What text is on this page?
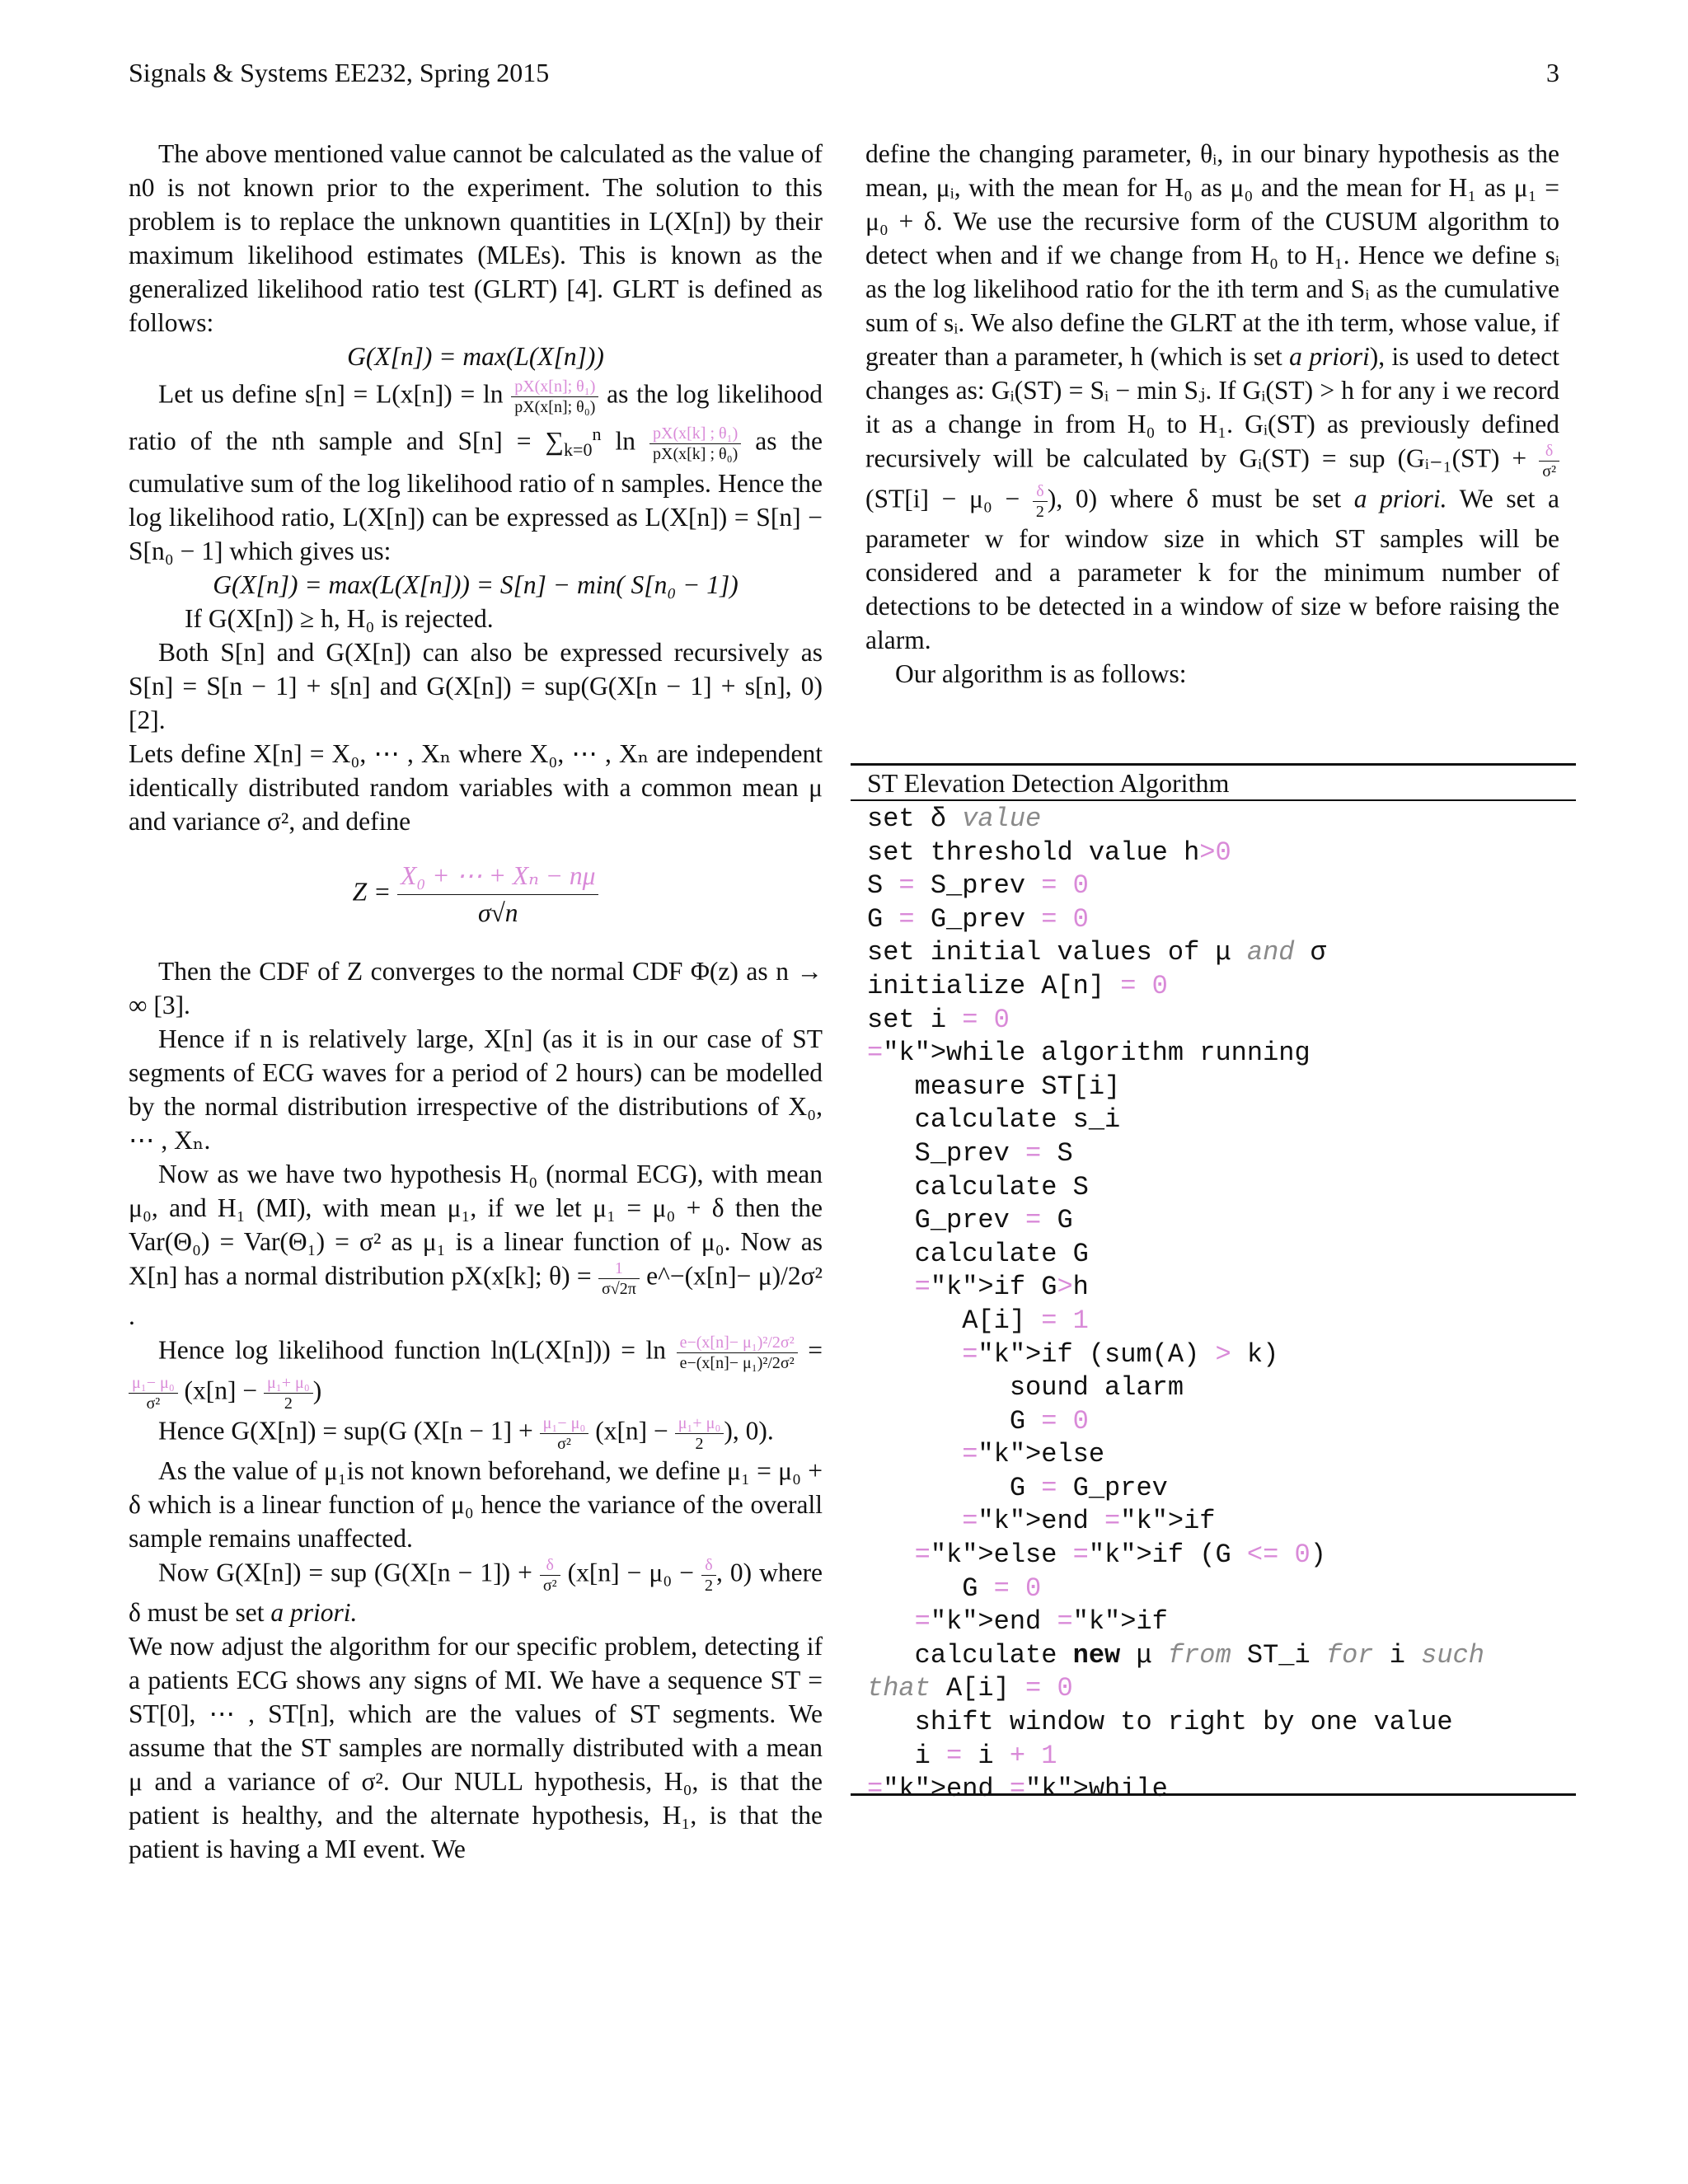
Signals & Systems EE232, Spring 2015	3

The above mentioned value cannot be calculated as the value of n0 is not known prior to the experiment. The solution to this problem is to replace the unknown quantities in L(X[n]) by their maximum likelihood estimates (MLEs). This is known as the generalized likelihood ratio test (GLRT) [4]. GLRT is defined as follows:

G(X[n]) = max(L(X[n]))

Let us define $s[n] = L(x[n]) = \ln \frac{\text{pX(x[n]; θ₁)}}{\text{pX(x[n]; θ₀)}}$ as the log likelihood ratio of the nth sample and $S[n] = \sum_{k=0}^n$ $\ln \frac{\text{pX(x[k] ; θ₁)}}{\text{pX(x[k] ; θ₀)}}$ as the cumulative sum of the log likelihood ratio of n samples. Hence the log likelihood ratio, L(X[n]) can be expressed as L(X[n]) = S[n] − S[n₀ − 1] which gives us:

G(X[n]) = max(L(X[n])) = S[n] − min( S[n₀ − 1])

If G(X[n]) ≥ h, H₀ is rejected.

Both S[n] and G(X[n]) can also be expressed recursively as S[n] = S[n − 1] + s[n] and G(X[n]) = sup(G(X[n − 1] + s[n], 0) [2].

Lets define X[n] = X₀, ⋯ , Xₙ where X₀, ⋯ , Xₙ are independent identically distributed random variables with a common mean μ and variance σ², and define

$Z = \frac{\text{X₀ + ⋯ + Xₙ − nμ}}{\sigma√n}$

Then the CDF of Z converges to the normal CDF Φ(z) as n → ∞ [3].

Hence if n is relatively large, X[n] (as it is in our case of ST segments of ECG waves for a period of 2 hours) can be modelled by the normal distribution irrespective of the distributions of X₀, ⋯ , Xₙ.

Now as we have two hypothesis H₀ (normal ECG), with mean μ₀, and H₁ (MI), with mean μ₁, if we let μ₁ = μ₀ + δ then the Var(Θ₀) = Var(Θ₁) = σ² as μ₁ is a linear function of μ₀. Now as X[n] has a normal distribution pX(x[k]; $\theta) = \frac{1}{\sigma√2\pi}$ e^−(x[n]− μ)/2σ² .

Hence log likelihood function $\ln(L(X[n])) = \ln \frac{\text{e−(x[n]− μ₁)²/2σ²}}{\text{e−(x[n]− μ₁)²/2σ²}}$ =
$\frac{\text{μ₁− μ₀}}{\text{σ²}} (x[n] - \frac{\text{μ₁+ μ₀}}{2}$ )

Hence G(X[n]) = sup(G ($X[n - 1] + \frac{\text{μ₁− μ₀}}{\text{σ²}} (x[n] - \frac{\text{μ₁+ μ₀}}{2}$ ), 0).

As the value of μ₁is not known beforehand, we define μ₁ = μ₀ + δ which is a linear function of μ₀ hence the variance of the overall sample remains unaffected.

Now G(X[n]) = sup ($G(X[n - 1]) + \frac{\delta}{\text{σ²}} (x[n] - \mu_0 - \frac{\delta}{2}$ , 0) where δ must be set a priori.

We now adjust the algorithm for our specific problem, detecting if a patients ECG shows any signs of MI. We have a sequence ST = ST[0], ⋯ , ST[n], which are the values of ST segments. We assume that the ST samples are normally distributed with a mean μ and a variance of σ². Our NULL hypothesis, H₀, is that the patient is healthy, and the alternate hypothesis, H₁, is that the patient is having a MI event. We

define the changing parameter, θᵢ, in our binary hypothesis as the mean, μᵢ, with the mean for H₀ as μ₀ and the mean for H₁ as μ₁ = μ₀ + δ. We use the recursive form of the CUSUM algorithm to detect when and if we change from H₀ to H₁. Hence we define sᵢ as the log likelihood ratio for the ith term and Sᵢ as the cumulative sum of sᵢ. We also define the GLRT at the ith term, whose value, if greater than a parameter, h (which is set a priori), is used to detect changes as: Gᵢ(ST) = Sᵢ − min Sⱼ. If Gᵢ(ST) > h for any i we record it as a change in from H₀ to H₁. Gᵢ(ST) as previously defined recursively will be calculated by Gᵢ(ST) = sup (Gᵢ₋₁(ST) + $\frac{\delta}{\text{σ²}}$
($ST[i] - \mu_0 - \frac{\delta}{2}$ ), 0) where δ must be set a priori. We set a parameter w for window size in which ST samples will be considered and a parameter k for the minimum number of detections to be detected in a window of size w before raising the alarm.

Our algorithm is as follows:

ST Elevation Detection Algorithm
set δ value
set threshold value h>0
S = S_prev = 0
G = G_prev = 0
set initial values of μ and σ
initialize A[n] = 0
set i = 0
="k">while algorithm running
measure ST[i]
calculate s_i
S_prev = S
calculate S
G_prev = G
calculate G
="k">if G>h
A[i] = 1
="k">if (sum(A) > k)
sound alarm
G = 0
="k">else
G = G_prev
="k">end ="k">if
="k">else ="k">if (G <= 0)
G = 0
="k">end ="k">if
calculate new μ from ST_i for i such
that A[i] = 0
shift window to right by one value
i = i + 1
="k">end ="k">while
